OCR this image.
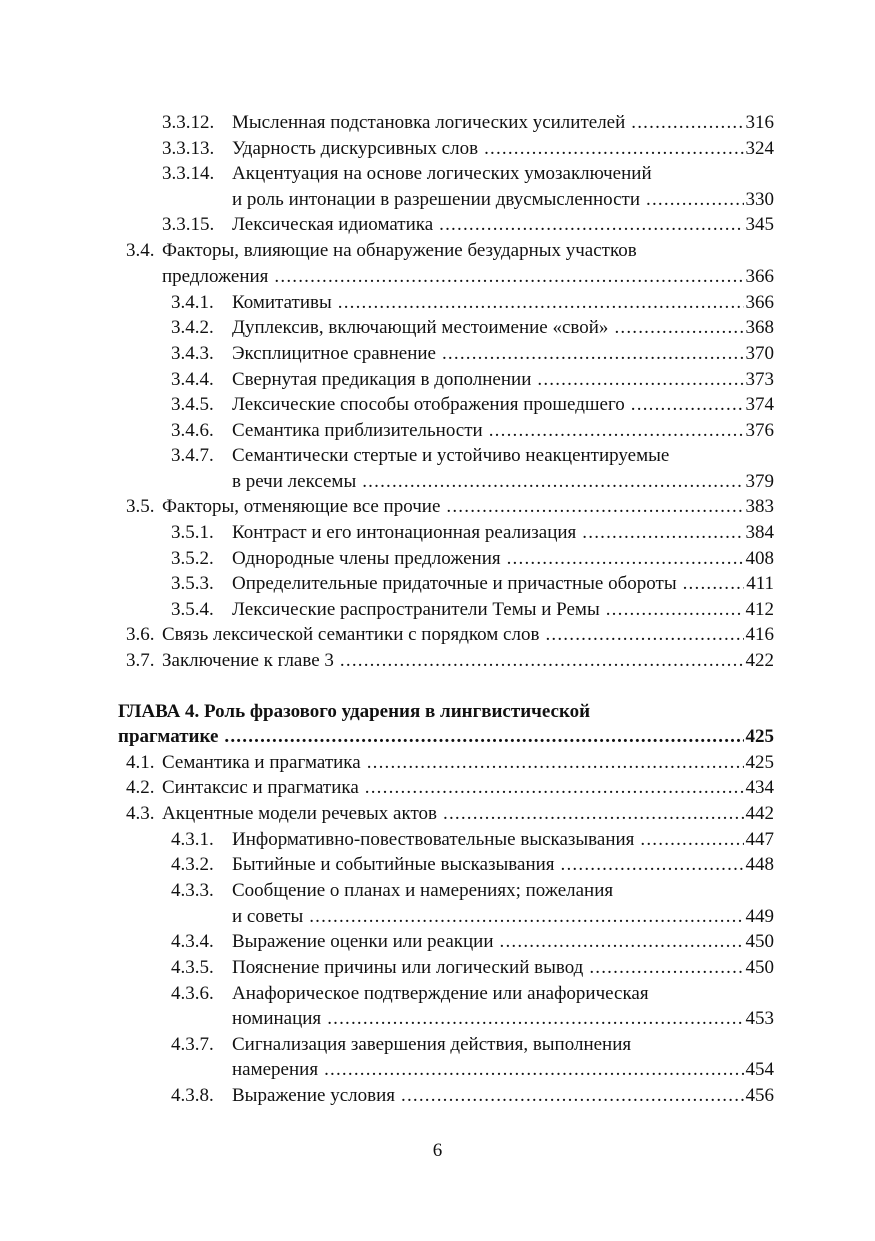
3.3.12. Мысленная подстановка логических усилителей .....	316
3.3.13. Ударность дискурсивных слов .....	324
3.3.14. Акцентуация на основе логических умозаключений
и роль интонации в разрешении двусмысленности .....	330
3.3.15. Лексическая идиоматика .....	345
3.4. Факторы, влияющие на обнаружение безударных участков
предложения .....	366
3.4.1. Комитативы .....	366
3.4.2. Дуплексив, включающий местоимение «свой» .....	368
3.4.3. Эксплицитное сравнение .....	370
3.4.4. Свернутая предикация в дополнении .....	373
3.4.5. Лексические способы отображения прошедшего .....	374
3.4.6. Семантика приблизительности .....	376
3.4.7. Семантически стертые и устойчиво неакцентируемые
в речи лексемы .....	379
3.5. Факторы, отменяющие все прочие .....	383
3.5.1. Контраст и его интонационная реализация .....	384
3.5.2. Однородные члены предложения .....	408
3.5.3. Определительные придаточные и причастные обороты .....	411
3.5.4. Лексические распространители Темы и Ремы .....	412
3.6. Связь лексической семантики с порядком слов .....	416
3.7. Заключение к главе 3 .....	422
ГЛАВА 4. Роль фразового ударения в лингвистической
прагматике .....	425
4.1. Семантика и прагматика .....	425
4.2. Синтаксис и прагматика .....	434
4.3. Акцентные модели речевых актов .....	442
4.3.1. Информативно-повествовательные высказывания .....	447
4.3.2. Бытийные и событийные высказывания .....	448
4.3.3. Сообщение о планах и намерениях; пожелания
и советы .....	449
4.3.4. Выражение оценки или реакции .....	450
4.3.5. Пояснение причины или логический вывод .....	450
4.3.6. Анафорическое подтверждение или анафорическая
номинация .....	453
4.3.7. Сигнализация завершения действия, выполнения
намерения .....	454
4.3.8. Выражение условия .....	456
6
